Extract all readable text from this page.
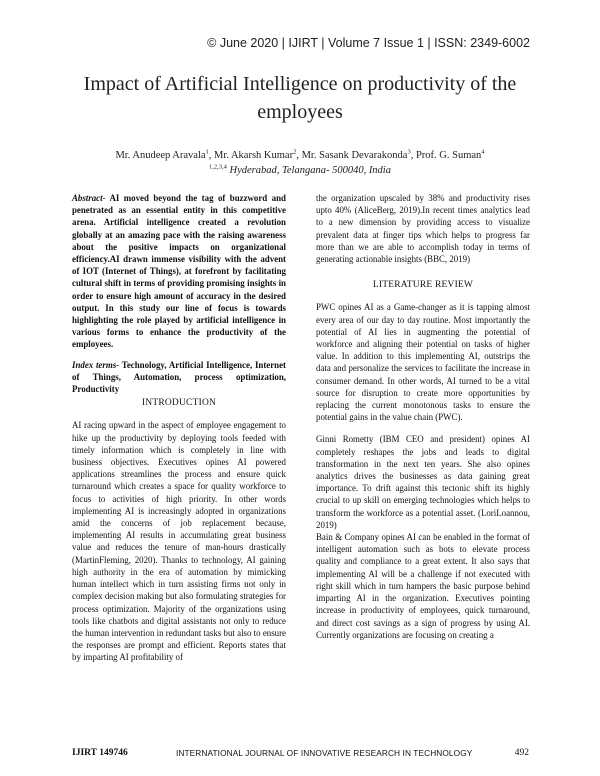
© June 2020 | IJIRT | Volume 7 Issue 1 | ISSN: 2349-6002
Impact of Artificial Intelligence on productivity of the employees
Mr. Anudeep Aravala$^1$, Mr. Akarsh Kumar$^2$, Mr. Sasank Devarakonda$^3$, Prof. G. Suman$^4$
$^{1,2,3,4}$ Hyderabad, Telangana- 500040, India

Abstract- AI moved beyond the tag of buzzword and penetrated as an essential entity in this competitive arena. Artificial intelligence created a revolution globally at an amazing pace with the raising awareness about the positive impacts on organizational efficiency.AI drawn immense visibility with the advent of IOT (Internet of Things), at forefront by facilitating cultural shift in terms of providing promising insights in order to ensure high amount of accuracy in the desired output. In this study our line of focus is towards highlighting the role played by artificial intelligence in various forms to enhance the productivity of the employees.

Index terms- Technology, Artificial Intelligence, Internet of Things, Automation, process optimization, Productivity

INTRODUCTION

AI racing upward in the aspect of employee engagement to hike up the productivity by deploying tools feeded with timely information which is completely in line with business objectives. Executives opines AI powered applications streamlines the process and ensure quick turnaround which creates a space for quality workforce to focus to activities of high priority. In other words implementing AI is increasingly adopted in organizations amid the concerns of job replacement because, implementing AI results in accumulating great business value and reduces the tenure of man-hours drastically (MartinFleming, 2020). Thanks to technology, AI gaining high authority in the era of automation by mimicking human intellect which in turn assisting firms not only in complex decision making but also formulating strategies for process optimization. Majority of the organizations using tools like chatbots and digital assistants not only to reduce the human intervention in redundant tasks but also to ensure the responses are prompt and efficient. Reports states that by imparting AI profitability of

the organization upscaled by 38% and productivity rises upto 40% (AliceBerg, 2019).In recent times analytics lead to a new dimension by providing access to visualize prevalent data at finger tips which helps to progress far more than we are able to accomplish today in terms of generating actionable insights (BBC, 2019)

LITERATURE REVIEW

PWC opines AI as a Game-changer as it is tapping almost every area of our day to day routine. Most importantly the potential of AI lies in augmenting the potential of workforce and aligning their potential on tasks of higher value. In addition to this implementing AI, outstrips the data and personalize the services to facilitate the increase in consumer demand. In other words, AI turned to be a vital source for disruption to create more opportunities by replacing the current monotonous tasks to ensure the potential gains in the value chain (PWC).

Ginni Rometty (IBM CEO and president) opines AI completely reshapes the jobs and leads to digital transformation in the next ten years. She also opines analytics drives the businesses as data gaining great importance. To drift against this tectonic shift its highly crucial to up skill on emerging technologies which helps to transform the workforce as a potential asset. (LoriLoannou, 2019)

Bain & Company opines AI can be enabled in the format of intelligent automation such as bots to elevate process quality and compliance to a great extent. It also says that implementing AI will be a challenge if not executed with right skill which in turn hampers the basic purpose behind imparting AI in the organization. Executives pointing increase in productivity of employees, quick turnaround, and direct cost savings as a sign of progress by using AI. Currently organizations are focusing on creating a

IJIRT 149746	INTERNATIONAL JOURNAL OF INNOVATIVE RESEARCH IN TECHNOLOGY	492
